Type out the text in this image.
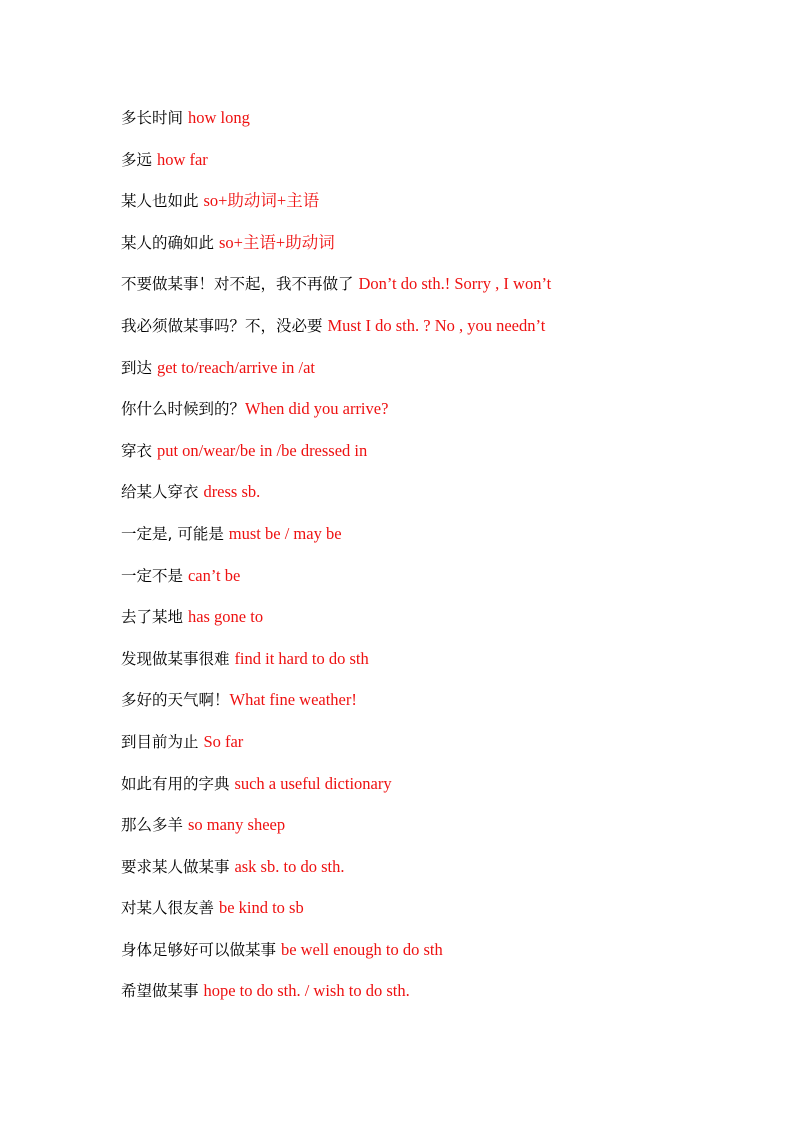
多长时间 how long
多远 how far
某人也如此 so+助动词+主语
某人的确如此 so+主语+助动词
不要做某事！对不起，我不再做了 Don’t do sth.! Sorry , I won’t
我必须做某事吗？不，没必要 Must I do sth. ? No , you needn’t
到达 get to/reach/arrive in /at
你什么时候到的？When did you arrive?
穿衣 put on/wear/be in /be dressed in
给某人穿衣 dress sb.
一定是, 可能是 must be / may be
一定不是 can’t be
去了某地 has gone to
发现做某事很难 find it hard to do sth
多好的天气啊！What fine weather!
到目前为止 So far
如此有用的字典 such a useful dictionary
那么多羊 so many sheep
要求某人做某事 ask sb. to do sth.
对某人很友善 be kind to sb
身体足够好可以做某事 be well enough to do sth
希望做某事 hope to do sth. / wish to do sth.
